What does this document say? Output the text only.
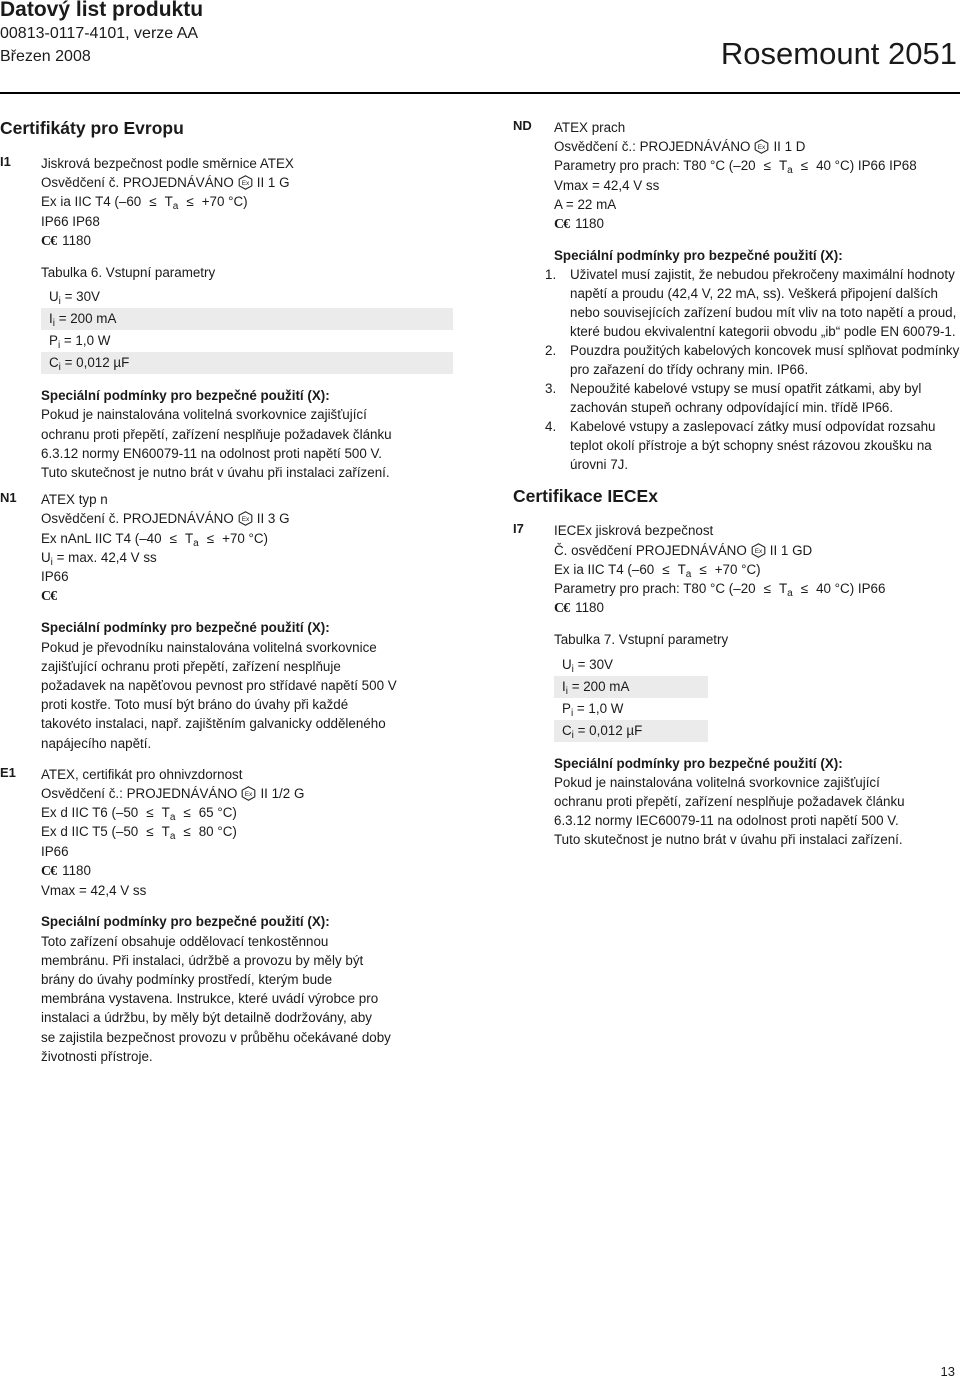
Datový list produktu
00813-0117-4101, verze AA
Březen 2008	Rosemount 2051
Certifikáty pro Evropu
I1 Jiskrová bezpečnost podle směrnice ATEX
Osvědčení č. PROJEDNÁVÁNO Ex II 1 G
Ex ia IIC T4 ($-60 \le T_a \le +70$ °C)
IP66 IP68
C€ 1180
Tabulka 6. Vstupní parametry
$U_i = 30V$
$I_i = 200$ mA
$P_i = 1,0$ W
$C_i = 0,012$ µF
Speciální podmínky pro bezpečné použití (X):
Pokud je nainstalována volitelná svorkovnice zajišťující
ochranu proti přepětí, zařízení nesplňuje požadavek článku
6.3.12 normy EN60079-11 na odolnost proti napětí 500 V.
Tuto skutečnost je nutno brát v úvahu při instalaci zařízení.
N1 ATEX typ n
Osvědčení č. PROJEDNÁVÁNO Ex II 3 G
Ex nAnL IIC T4 ($-40 \le T_a \le +70$ °C)
$U_i = \max$. 42,4 V ss
IP66
C€
Speciální podmínky pro bezpečné použití (X):
Pokud je převodníku nainstalována volitelná svorkovnice
zajišťující ochranu proti přepětí, zařízení nesplňuje
požadavek na napěťovou pevnost pro střídavé napětí 500 V
proti kostře. Toto musí být bráno do úvahy při každé
takovéto instalaci, např. zajištěním galvanicky odděleného
napájecího napětí.
E1 ATEX, certifikát pro ohnivzdornost
Osvědčení č.: PROJEDNÁVÁNO Ex II 1/2 G
Ex d IIC T6 ($-50 \le T_a \le 65$ °C)
Ex d IIC T5 ($-50 \le T_a \le 80$ °C)
IP66
C€ 1180
Vmax = 42,4 V ss
Speciální podmínky pro bezpečné použití (X):
Toto zařízení obsahuje oddělovací tenkostěnnou
membránu. Při instalaci, údržbě a provozu by měly být
brány do úvahy podmínky prostředí, kterým bude
membrána vystavena. Instrukce, které uvádí výrobce pro
instalaci a údržbu, by měly být detailně dodržovány, aby
se zajistila bezpečnost provozu v průběhu očekávané doby
životnosti přístroje.
ND ATEX prach
Osvědčení č.: PROJEDNÁVÁNO Ex II 1 D
Parametry pro prach: T80 °C ($-20 \le T_a \le 40$ °C) IP66 IP68
Vmax = 42,4 V ss
A = 22 mA
C€ 1180
Speciální podmínky pro bezpečné použití (X):
1. Uživatel musí zajistit, že nebudou překročeny maximální hodnoty napětí a proudu (42,4 V, 22 mA, ss). Veškerá připojení dalších nebo souvisejících zařízení budou mít vliv na toto napětí a proud, které budou ekvivalentní kategorii obvodu „ib“ podle EN 60079-1.
2. Pouzdra použitých kabelových koncovek musí splňovat podmínky pro zařazení do třídy ochrany min. IP66.
3. Nepoužité kabelové vstupy se musí opatřit zátkami, aby byl zachován stupeň ochrany odpovídající min. třídě IP66.
4. Kabelové vstupy a zaslepovací zátky musí odpovídat rozsahu teplot okolí přístroje a být schopny snést rázovou zkoušku na úrovni 7J.
Certifikace IECEx
I7 IECEx jiskrová bezpečnost
Č. osvědčení PROJEDNÁVÁNO Ex II 1 GD
Ex ia IIC T4 ($-60 \le T_a \le +70$ °C)
Parametry pro prach: T80 °C ($-20 \le T_a \le 40$ °C) IP66
C€ 1180
Tabulka 7. Vstupní parametry
$U_i = 30V$
$I_i = 200$ mA
$P_i = 1,0$ W
$C_i = 0,012$ µF
Speciální podmínky pro bezpečné použití (X):
Pokud je nainstalována volitelná svorkovnice zajišťující
ochranu proti přepětí, zařízení nesplňuje požadavek článku
6.3.12 normy IEC60079-11 na odolnost proti napětí 500 V.
Tuto skutečnost je nutno brát v úvahu při instalaci zařízení.
13
